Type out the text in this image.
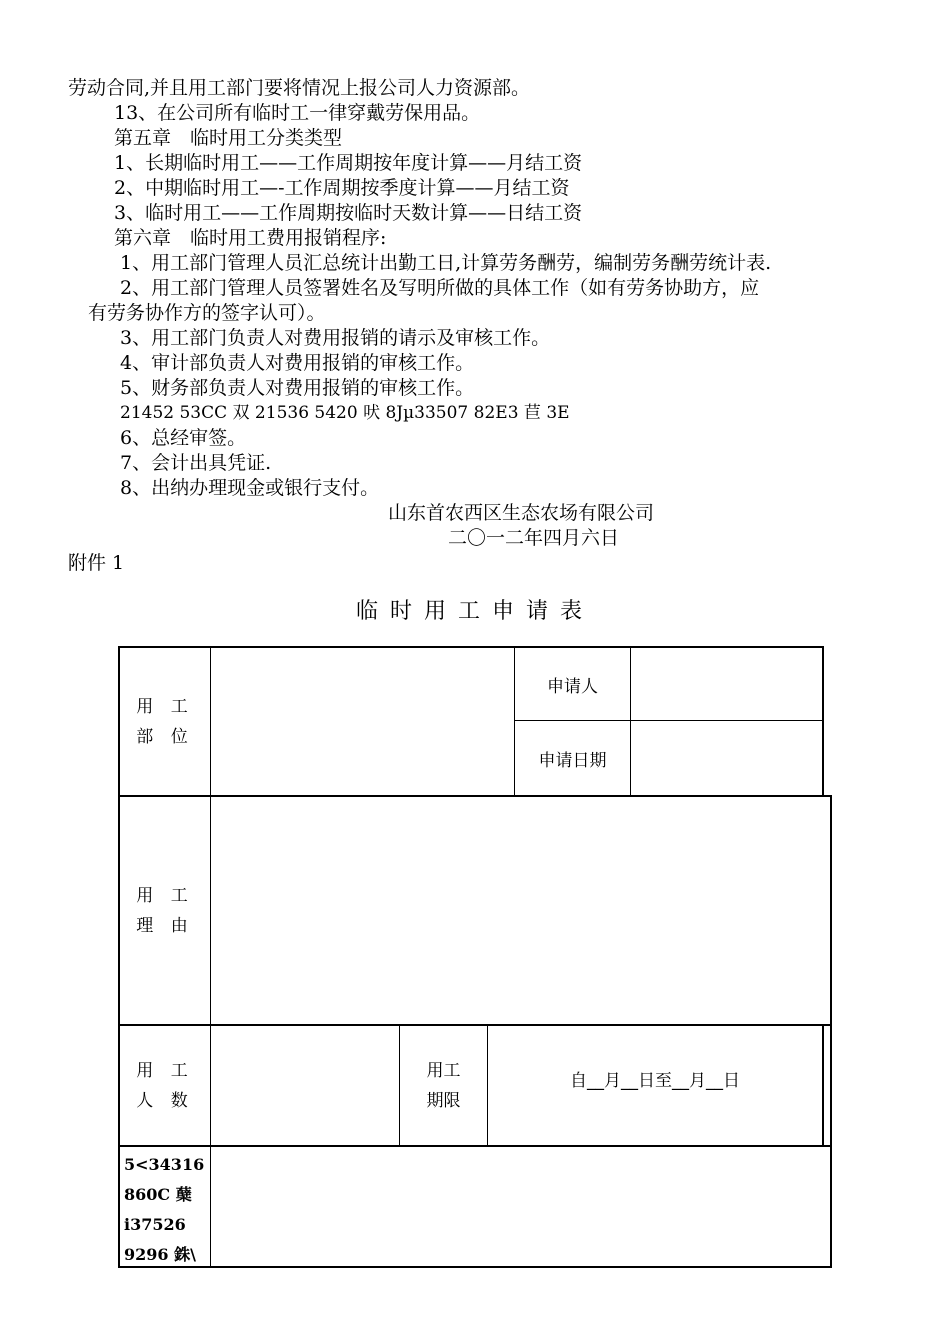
劳动合同,并且用工部门要将情况上报公司人力资源部。
13、在公司所有临时工一律穿戴劳保用品。
第五章　临时用工分类类型
1、长期临时用工——工作周期按年度计算——月结工资
2、中期临时用工—-工作周期按季度计算——月结工资
3、临时用工——工作周期按临时天数计算——日结工资
第六章　临时用工费用报销程序:
1、用工部门管理人员汇总统计出勤工日,计算劳务酬劳，编制劳务酬劳统计表.
2、用工部门管理人员签署姓名及写明所做的具体工作（如有劳务协助方，应
有劳务协作方的签字认可）。
3、用工部门负责人对费用报销的请示及审核工作。
4、审计部负责人对费用报销的审核工作。
5、财务部负责人对费用报销的审核工作。
21452 53CC 双 21536 5420 吠 8Jµ33507 82E3 苣 3E
6、总经审签。
7、会计出具凭证.
8、出纳办理现金或银行支付。
山东首农西区生态农场有限公司
二〇一二年四月六日
附件 1
临时用工申请表
用 工
部 位
申请人
申请日期
用 工
理 由
用 工
人 数
用工
期限
自__月__日至__月__日
5<34316
860C 蘖
i37526
9296 銖\
